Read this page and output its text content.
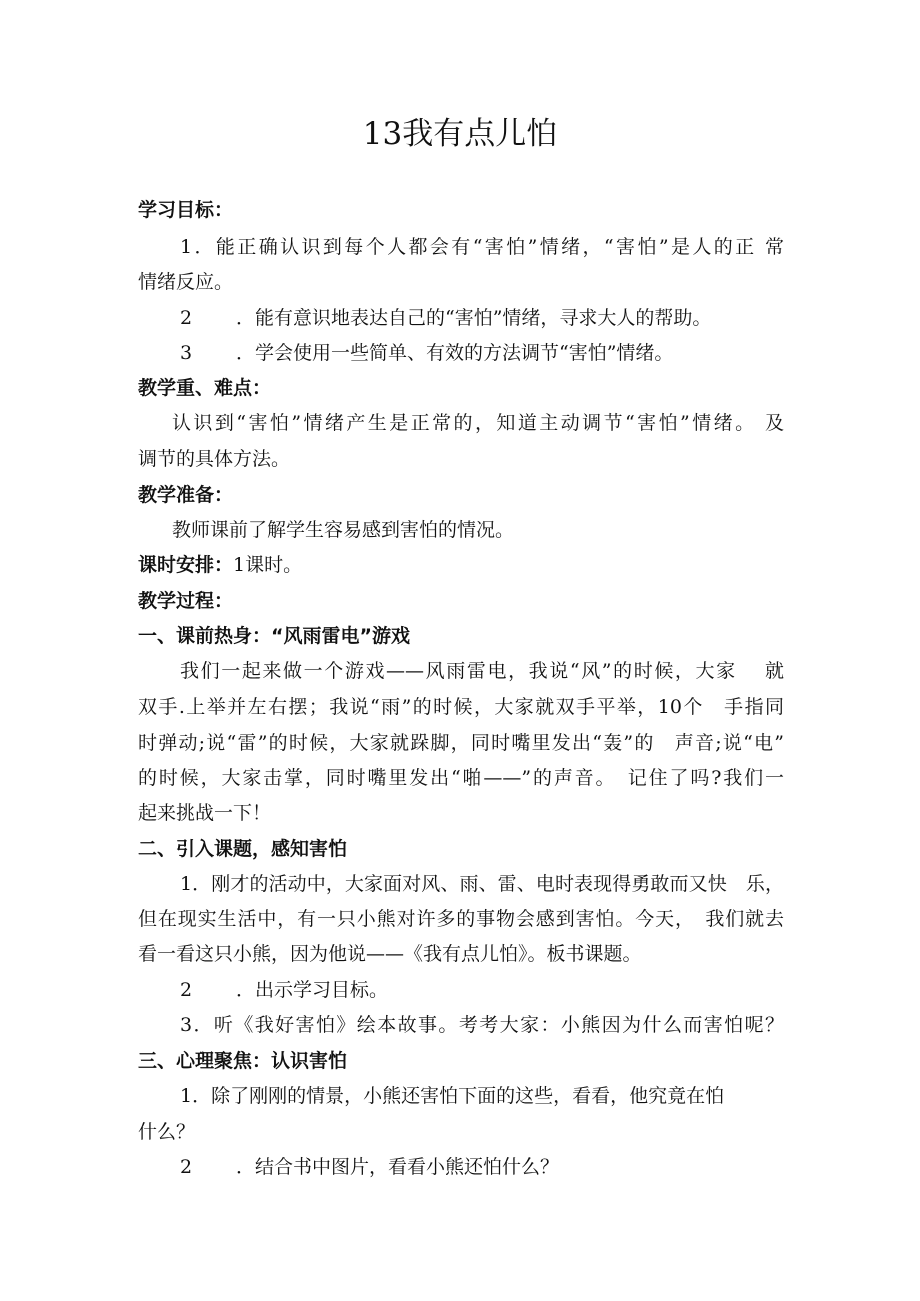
13我有点儿怕

学习目标：

1．能正确认识到每个人都会有“害怕”情绪，“害怕”是人的正 常

情绪反应。

2 ．能有意识地表达自己的“害怕”情绪，寻求大人的帮助。

3 ．学会使用一些简单、有效的方法调节“害怕”情绪。

教学重、难点：

认识到“害怕”情绪产生是正常的，知道主动调节“害怕”情绪。 及

调节的具体方法。

教学准备：

教师课前了解学生容易感到害怕的情况。

课时安排：1课时。

教学过程：

一、课前热身：“风雨雷电”游戏

我们一起来做一个游戏——风雨雷电，我说“风”的时候，大家　 就

双手.上举并左右摆；我说“雨”的时候，大家就双手平举，10个　手指同

时弹动;说“雷”的时候，大家就跺脚，同时嘴里发出“轰”的　声音;说“电”

的时候，大家击掌，同时嘴里发出“啪——”的声音。　记住了吗?我们一

起来挑战一下！

二、引入课题，感知害怕

1．刚才的活动中，大家面对风、雨、雷、电时表现得勇敢而又快　乐，

但在现实生活中，有一只小熊对许多的事物会感到害怕。今天，　我们就去

看一看这只小熊，因为他说——《我有点儿怕》。板书课题。

2 ．出示学习目标。

3．听《我好害怕》绘本故事。考考大家：小熊因为什么而害怕呢？

三、心理聚焦：认识害怕

1．除了刚刚的情景，小熊还害怕下面的这些，看看，他究竟在怕

什么？

2 ．结合书中图片，看看小熊还怕什么？
